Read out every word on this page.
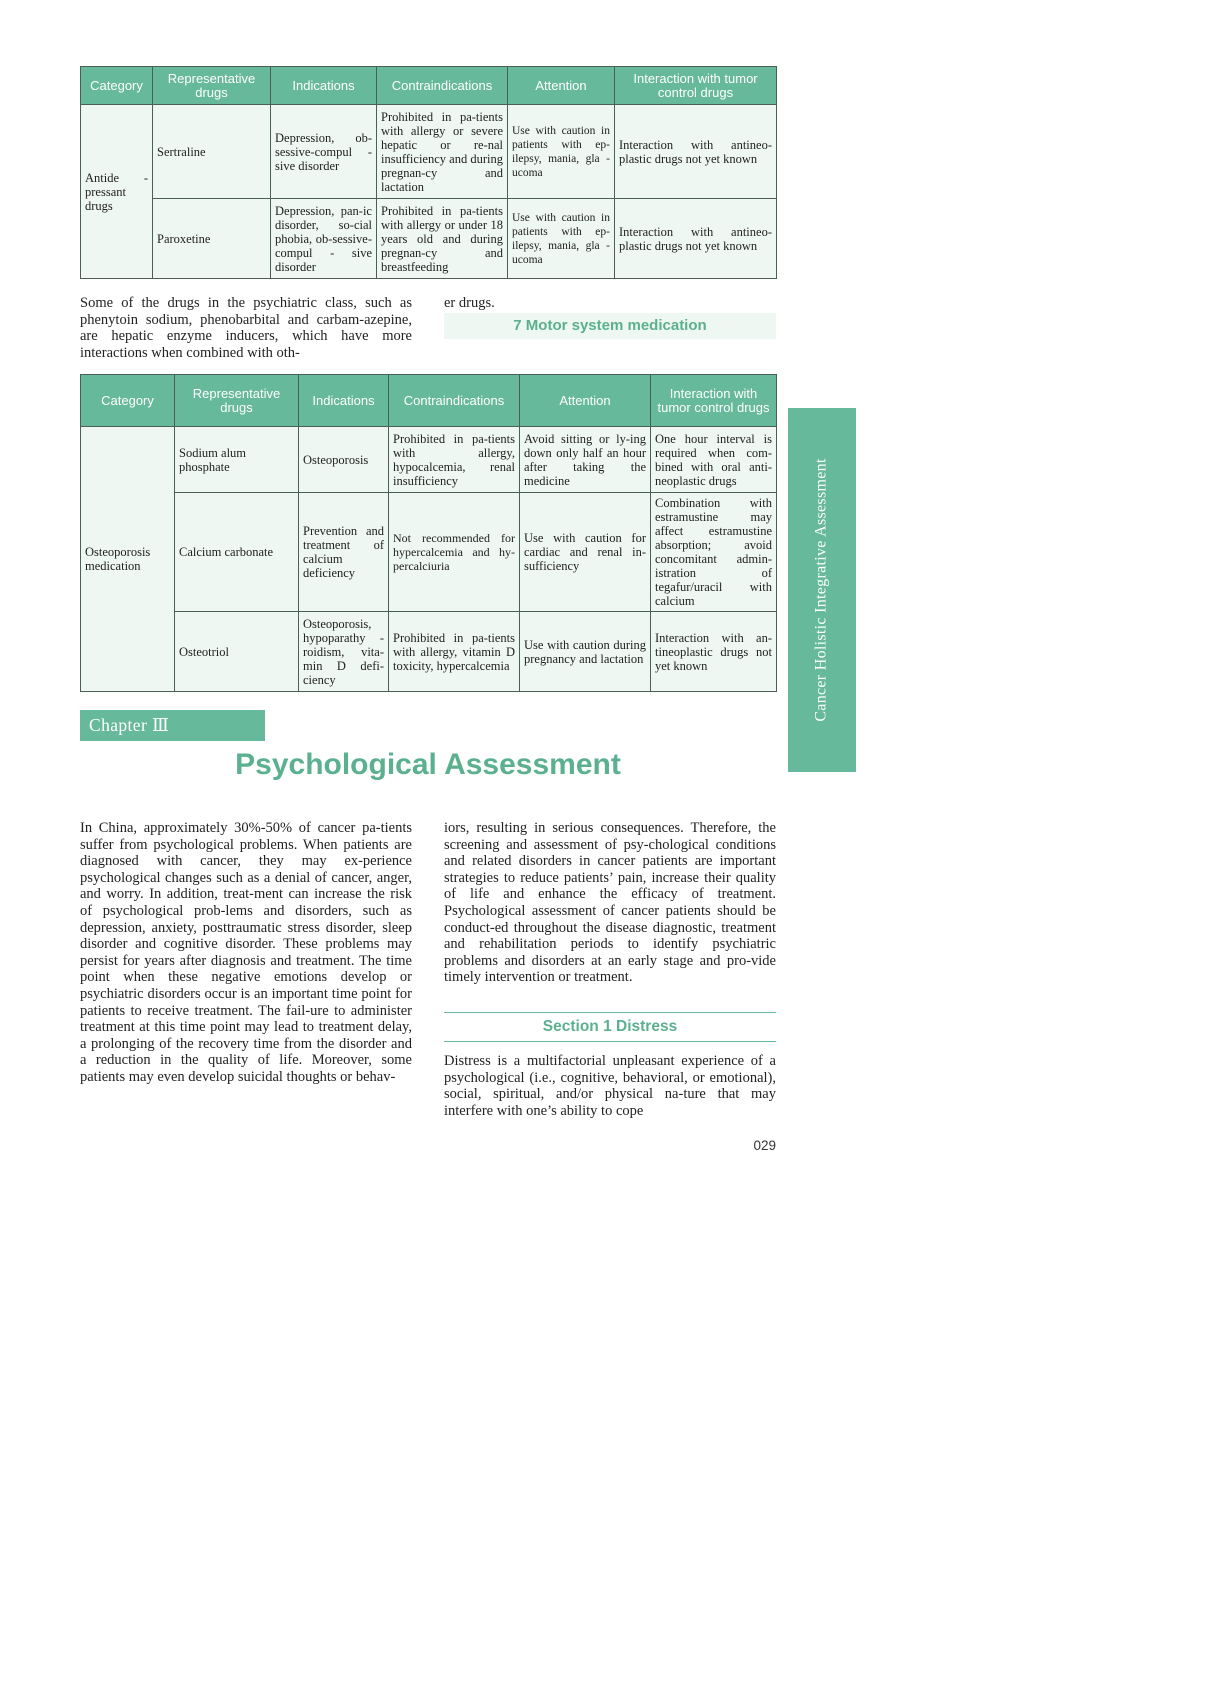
Category	Representative drugs	Indications	Contraindications	Attention	Interaction with tumor control drugs
Antide - pressant drugs	Sertraline	Depression, ob-sessive-compul - sive disorder	Prohibited in pa-tients with allergy or severe hepatic or re-nal insufficiency and during pregnan-cy and lactation	Use with caution in patients with ep-ilepsy, mania, gla - ucoma	Interaction with antineo-plastic drugs not yet known
	Paroxetine	Depression, pan-ic disorder, so-cial phobia, ob-sessive-compul - sive disorder	Prohibited in pa-tients with allergy or under 18 years old and during pregnan-cy and breastfeeding	Use with caution in patients with ep-ilepsy, mania, gla - ucoma	Interaction with antineo-plastic drugs not yet known

Some of the drugs in the psychiatric class, such as phenytoin sodium, phenobarbital and carbam-azepine, are hepatic enzyme inducers, which have more interactions when combined with oth-

er drugs.

7 Motor system medication
Category	Representative drugs	Indications	Contraindications	Attention	Interaction with tumor control drugs
Osteoporosis medication	Sodium alum phosphate	Osteoporosis	Prohibited in pa-tients with allergy, hypocalcemia, renal insufficiency	Avoid sitting or ly-ing down only half an hour after taking the medicine	One hour interval is required when com-bined with oral anti-neoplastic drugs
	Calcium carbonate	Prevention and treatment of calcium deficiency	Not recommended for hypercalcemia and hy-percalciuria	Use with caution for cardiac and renal in-sufficiency	Combination with estramustine may affect estramustine absorption; avoid concomitant admin-istration of tegafur/uracil with calcium
	Osteotriol	Osteoporosis, hypoparathy - roidism, vita-min D defi-ciency	Prohibited in pa-tients with allergy, vitamin D toxicity, hypercalcemia	Use with caution during pregnancy and lactation	Interaction with an-tineoplastic drugs not yet known	Cancer Holistic Integrative Assessment
Chapter Ⅲ
Psychological Assessment

In China, approximately 30%-50% of cancer pa-tients suffer from psychological problems. When patients are diagnosed with cancer, they may ex-perience psychological changes such as a denial of cancer, anger, and worry. In addition, treat-ment can increase the risk of psychological prob-lems and disorders, such as depression, anxiety, posttraumatic stress disorder, sleep disorder and cognitive disorder. These problems may persist for years after diagnosis and treatment. The time point when these negative emotions develop or psychiatric disorders occur is an important time point for patients to receive treatment. The fail-ure to administer treatment at this time point may lead to treatment delay, a prolonging of the recovery time from the disorder and a reduction in the quality of life. Moreover, some patients may even develop suicidal thoughts or behav-

iors, resulting in serious consequences. Therefore, the screening and assessment of psy-chological conditions and related disorders in cancer patients are important strategies to reduce patients’ pain, increase their quality of life and enhance the efficacy of treatment. Psychological assessment of cancer patients should be conduct-ed throughout the disease diagnostic, treatment and rehabilitation periods to identify psychiatric problems and disorders at an early stage and pro-vide timely intervention or treatment.

Section 1 Distress

Distress is a multifactorial unpleasant experience of a psychological (i.e., cognitive, behavioral, or emotional), social, spiritual, and/or physical na-ture that may interfere with one’s ability to cope

029
